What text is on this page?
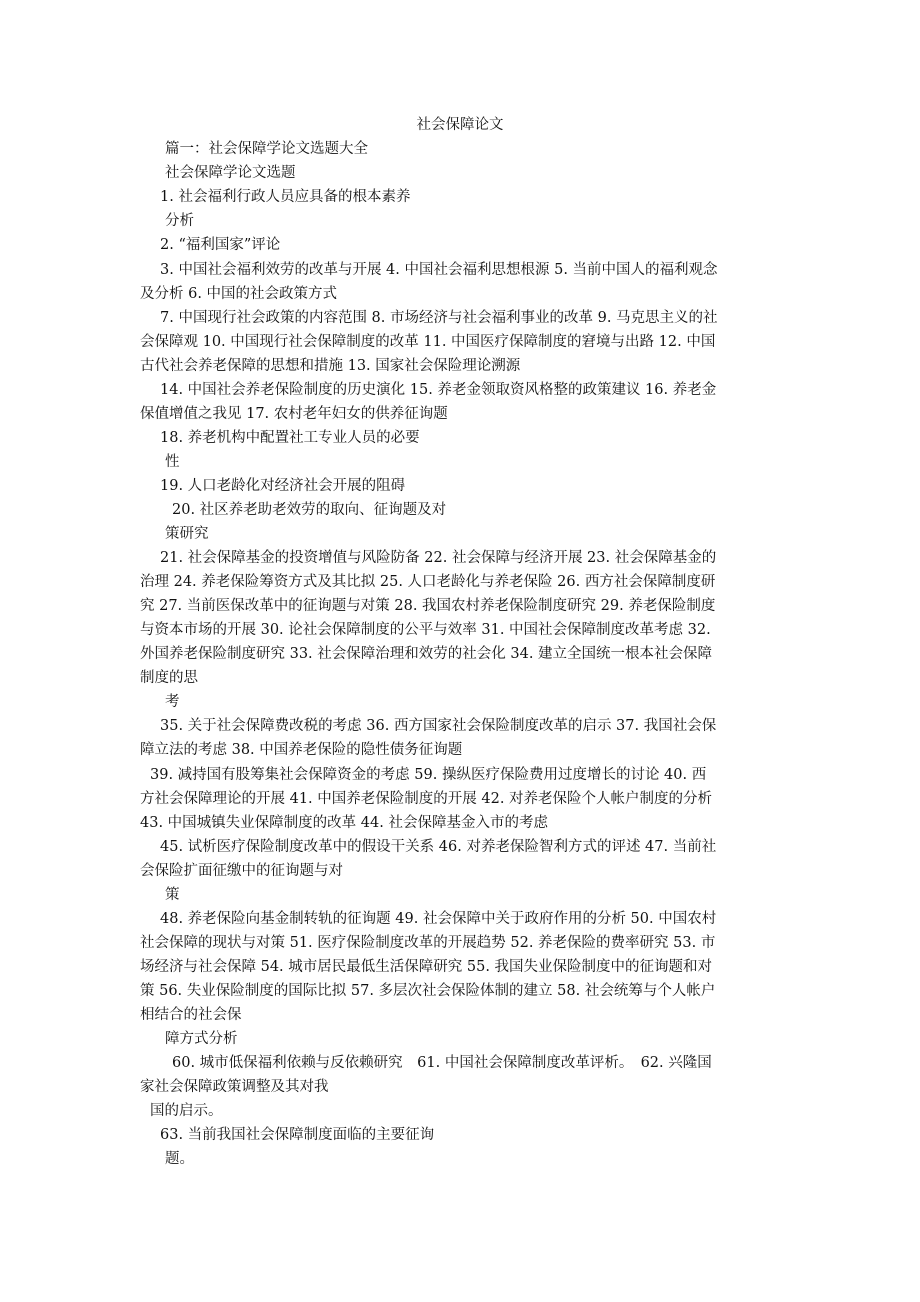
社会保障论文
篇一：社会保障学论文选题大全
社会保障学论文选题
1. 社会福利行政人员应具备的根本素养
分析
2. “福利国家”评论
3. 中国社会福利效劳的改革与开展 4. 中国社会福利思想根源 5. 当前中国人的福利观念
及分析 6. 中国的社会政策方式
7. 中国现行社会政策的内容范围 8. 市场经济与社会福利事业的改革 9. 马克思主义的社
会保障观 10. 中国现行社会保障制度的改革 11. 中国医疗保障制度的窘境与出路 12. 中国
古代社会养老保障的思想和措施 13. 国家社会保险理论溯源
14. 中国社会养老保险制度的历史演化 15. 养老金领取资风格整的政策建议 16. 养老金
保值增值之我见 17. 农村老年妇女的供养征询题
18. 养老机构中配置社工专业人员的必要
性
19. 人口老龄化对经济社会开展的阻碍
20. 社区养老助老效劳的取向、征询题及对
策研究
21. 社会保障基金的投资增值与风险防备 22. 社会保障与经济开展 23. 社会保障基金的
治理 24. 养老保险筹资方式及其比拟 25. 人口老龄化与养老保险 26. 西方社会保障制度研
究 27. 当前医保改革中的征询题与对策 28. 我国农村养老保险制度研究 29. 养老保险制度
与资本市场的开展 30. 论社会保障制度的公平与效率 31. 中国社会保障制度改革考虑 32.
外国养老保险制度研究 33. 社会保障治理和效劳的社会化 34. 建立全国统一根本社会保障
制度的思
考
35. 关于社会保障费改税的考虑 36. 西方国家社会保险制度改革的启示 37. 我国社会保
障立法的考虑 38. 中国养老保险的隐性债务征询题
39. 减持国有股筹集社会保障资金的考虑 59. 操纵医疗保险费用过度增长的讨论 40. 西
方社会保障理论的开展 41. 中国养老保险制度的开展 42. 对养老保险个人帐户制度的分析
43. 中国城镇失业保障制度的改革 44. 社会保障基金入市的考虑
45. 试析医疗保险制度改革中的假设干关系 46. 对养老保险智利方式的评述 47. 当前社
会保险扩面征缴中的征询题与对
策
48. 养老保险向基金制转轨的征询题 49. 社会保障中关于政府作用的分析 50. 中国农村
社会保障的现状与对策 51. 医疗保险制度改革的开展趋势 52. 养老保险的费率研究 53. 市
场经济与社会保障 54. 城市居民最低生活保障研究 55. 我国失业保险制度中的征询题和对
策 56. 失业保险制度的国际比拟 57. 多层次社会保险体制的建立 58. 社会统筹与个人帐户
相结合的社会保
障方式分析
60. 城市低保福利依赖与反依赖研究　61. 中国社会保障制度改革评析。　62. 兴隆国
家社会保障政策调整及其对我
国的启示。
63. 当前我国社会保障制度面临的主要征询
题。
